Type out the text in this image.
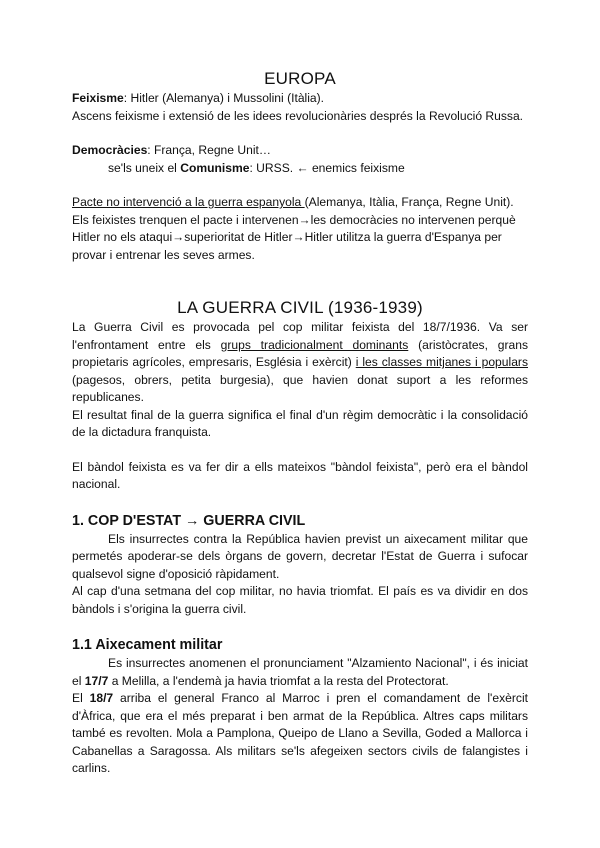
EUROPA

Feixisme: Hitler (Alemanya) i Mussolini (Itàlia).

Ascens feixisme i extensió de les idees revolucionàries després la Revolució Russa.

Democràcies: França, Regne Unit…

se'ls uneix el Comunisme: URSS. ← enemics feixisme

Pacte no intervenció a la guerra espanyola (Alemanya, Itàlia, França, Regne Unit). Els feixistes trenquen el pacte i intervenen→les democràcies no intervenen perquè Hitler no els ataqui→superioritat de Hitler→Hitler utilitza la guerra d'Espanya per provar i entrenar les seves armes.

LA GUERRA CIVIL (1936-1939)

La Guerra Civil es provocada pel cop militar feixista del 18/7/1936. Va ser l'enfrontament entre els grups tradicionalment dominants (aristòcrates, grans propietaris agrícoles, empresaris, Església i exèrcit) i les classes mitjanes i populars (pagesos, obrers, petita burgesia), que havien donat suport a les reformes republicanes.

El resultat final de la guerra significa el final d'un règim democràtic i la consolidació de la dictadura franquista.

El bàndol feixista es va fer dir a ells mateixos "bàndol feixista", però era el bàndol nacional.

1. COP D'ESTAT → GUERRA CIVIL

Els insurrectes contra la República havien previst un aixecament militar que permetés apoderar-se dels òrgans de govern, decretar l'Estat de Guerra i sufocar qualsevol signe d'oposició ràpidament.

Al cap d'una setmana del cop militar, no havia triomfat. El país es va dividir en dos bàndols i s'origina la guerra civil.

1.1 Aixecament militar

Es insurrectes anomenen el pronunciament "Alzamiento Nacional", i és iniciat el 17/7 a Melilla, a l'endemà ja havia triomfat a la resta del Protectorat.

El 18/7 arriba el general Franco al Marroc i pren el comandament de l'exèrcit d'Àfrica, que era el més preparat i ben armat de la República. Altres caps militars també es revolten. Mola a Pamplona, Queipo de Llano a Sevilla, Goded a Mallorca i Cabanellas a Saragossa. Als militars se'ls afegeixen sectors civils de falangistes i carlins.
